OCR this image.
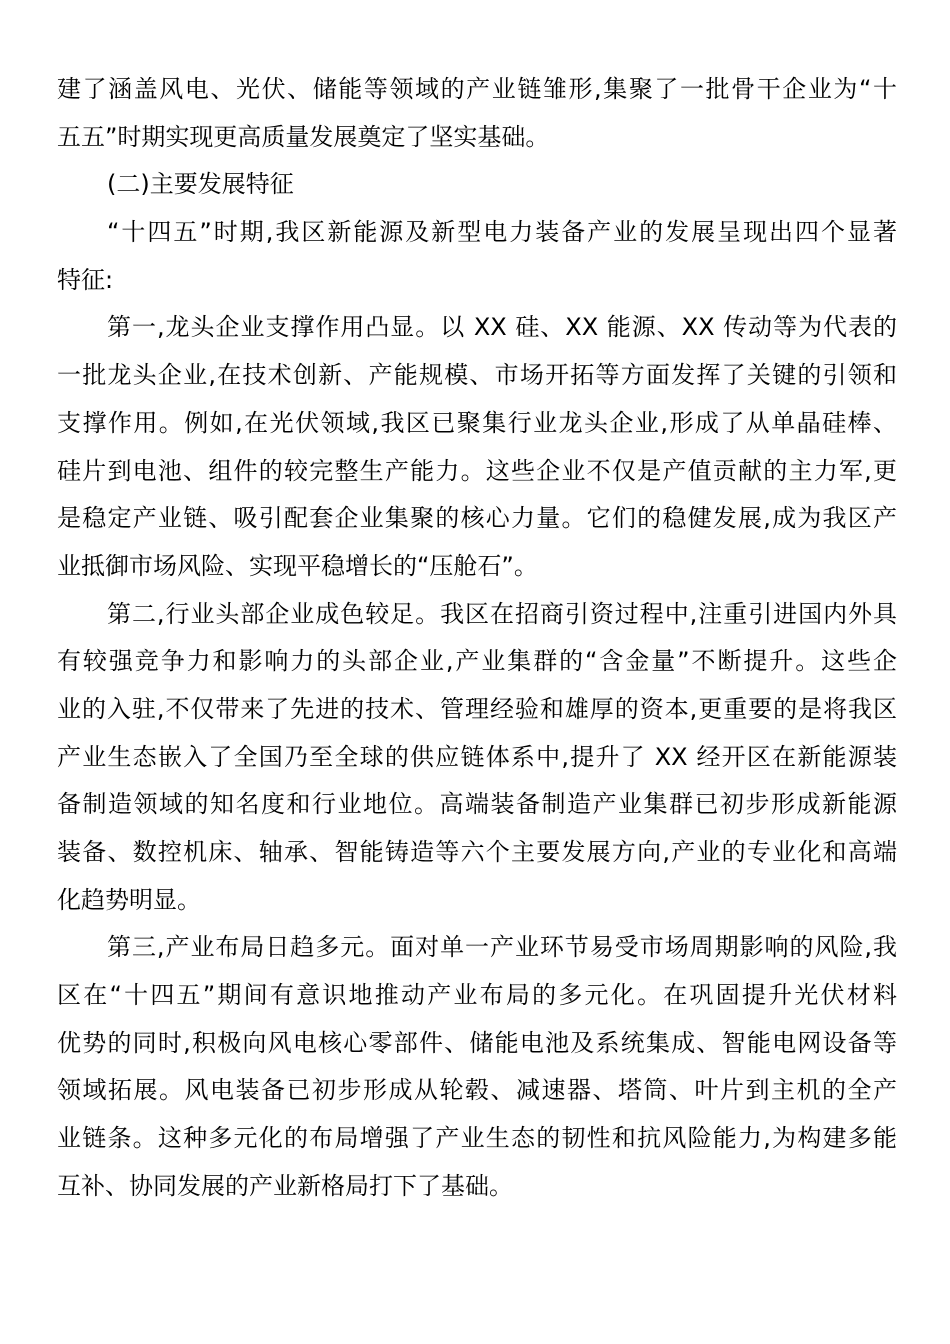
建了涵盖风电、光伏、储能等领域的产业链雏形,集聚了一批骨干企业为“十
五五”时期实现更高质量发展奠定了坚实基础。
(二)主要发展特征
“十四五”时期,我区新能源及新型电力装备产业的发展呈现出四个显著
特征:
第一,龙头企业支撑作用凸显。以 XX 硅、XX 能源、XX 传动等为代表的
一批龙头企业,在技术创新、产能规模、市场开拓等方面发挥了关键的引领和
支撑作用。例如,在光伏领域,我区已聚集行业龙头企业,形成了从单晶硅棒、
硅片到电池、组件的较完整生产能力。这些企业不仅是产值贡献的主力军,更
是稳定产业链、吸引配套企业集聚的核心力量。它们的稳健发展,成为我区产
业抵御市场风险、实现平稳增长的“压舱石”。
第二,行业头部企业成色较足。我区在招商引资过程中,注重引进国内外具
有较强竞争力和影响力的头部企业,产业集群的“含金量”不断提升。这些企
业的入驻,不仅带来了先进的技术、管理经验和雄厚的资本,更重要的是将我区
产业生态嵌入了全国乃至全球的供应链体系中,提升了 XX 经开区在新能源装
备制造领域的知名度和行业地位。高端装备制造产业集群已初步形成新能源
装备、数控机床、轴承、智能铸造等六个主要发展方向,产业的专业化和高端
化趋势明显。
第三,产业布局日趋多元。面对单一产业环节易受市场周期影响的风险,我
区在“十四五”期间有意识地推动产业布局的多元化。在巩固提升光伏材料
优势的同时,积极向风电核心零部件、储能电池及系统集成、智能电网设备等
领域拓展。风电装备已初步形成从轮毂、减速器、塔筒、叶片到主机的全产
业链条。这种多元化的布局增强了产业生态的韧性和抗风险能力,为构建多能
互补、协同发展的产业新格局打下了基础。
